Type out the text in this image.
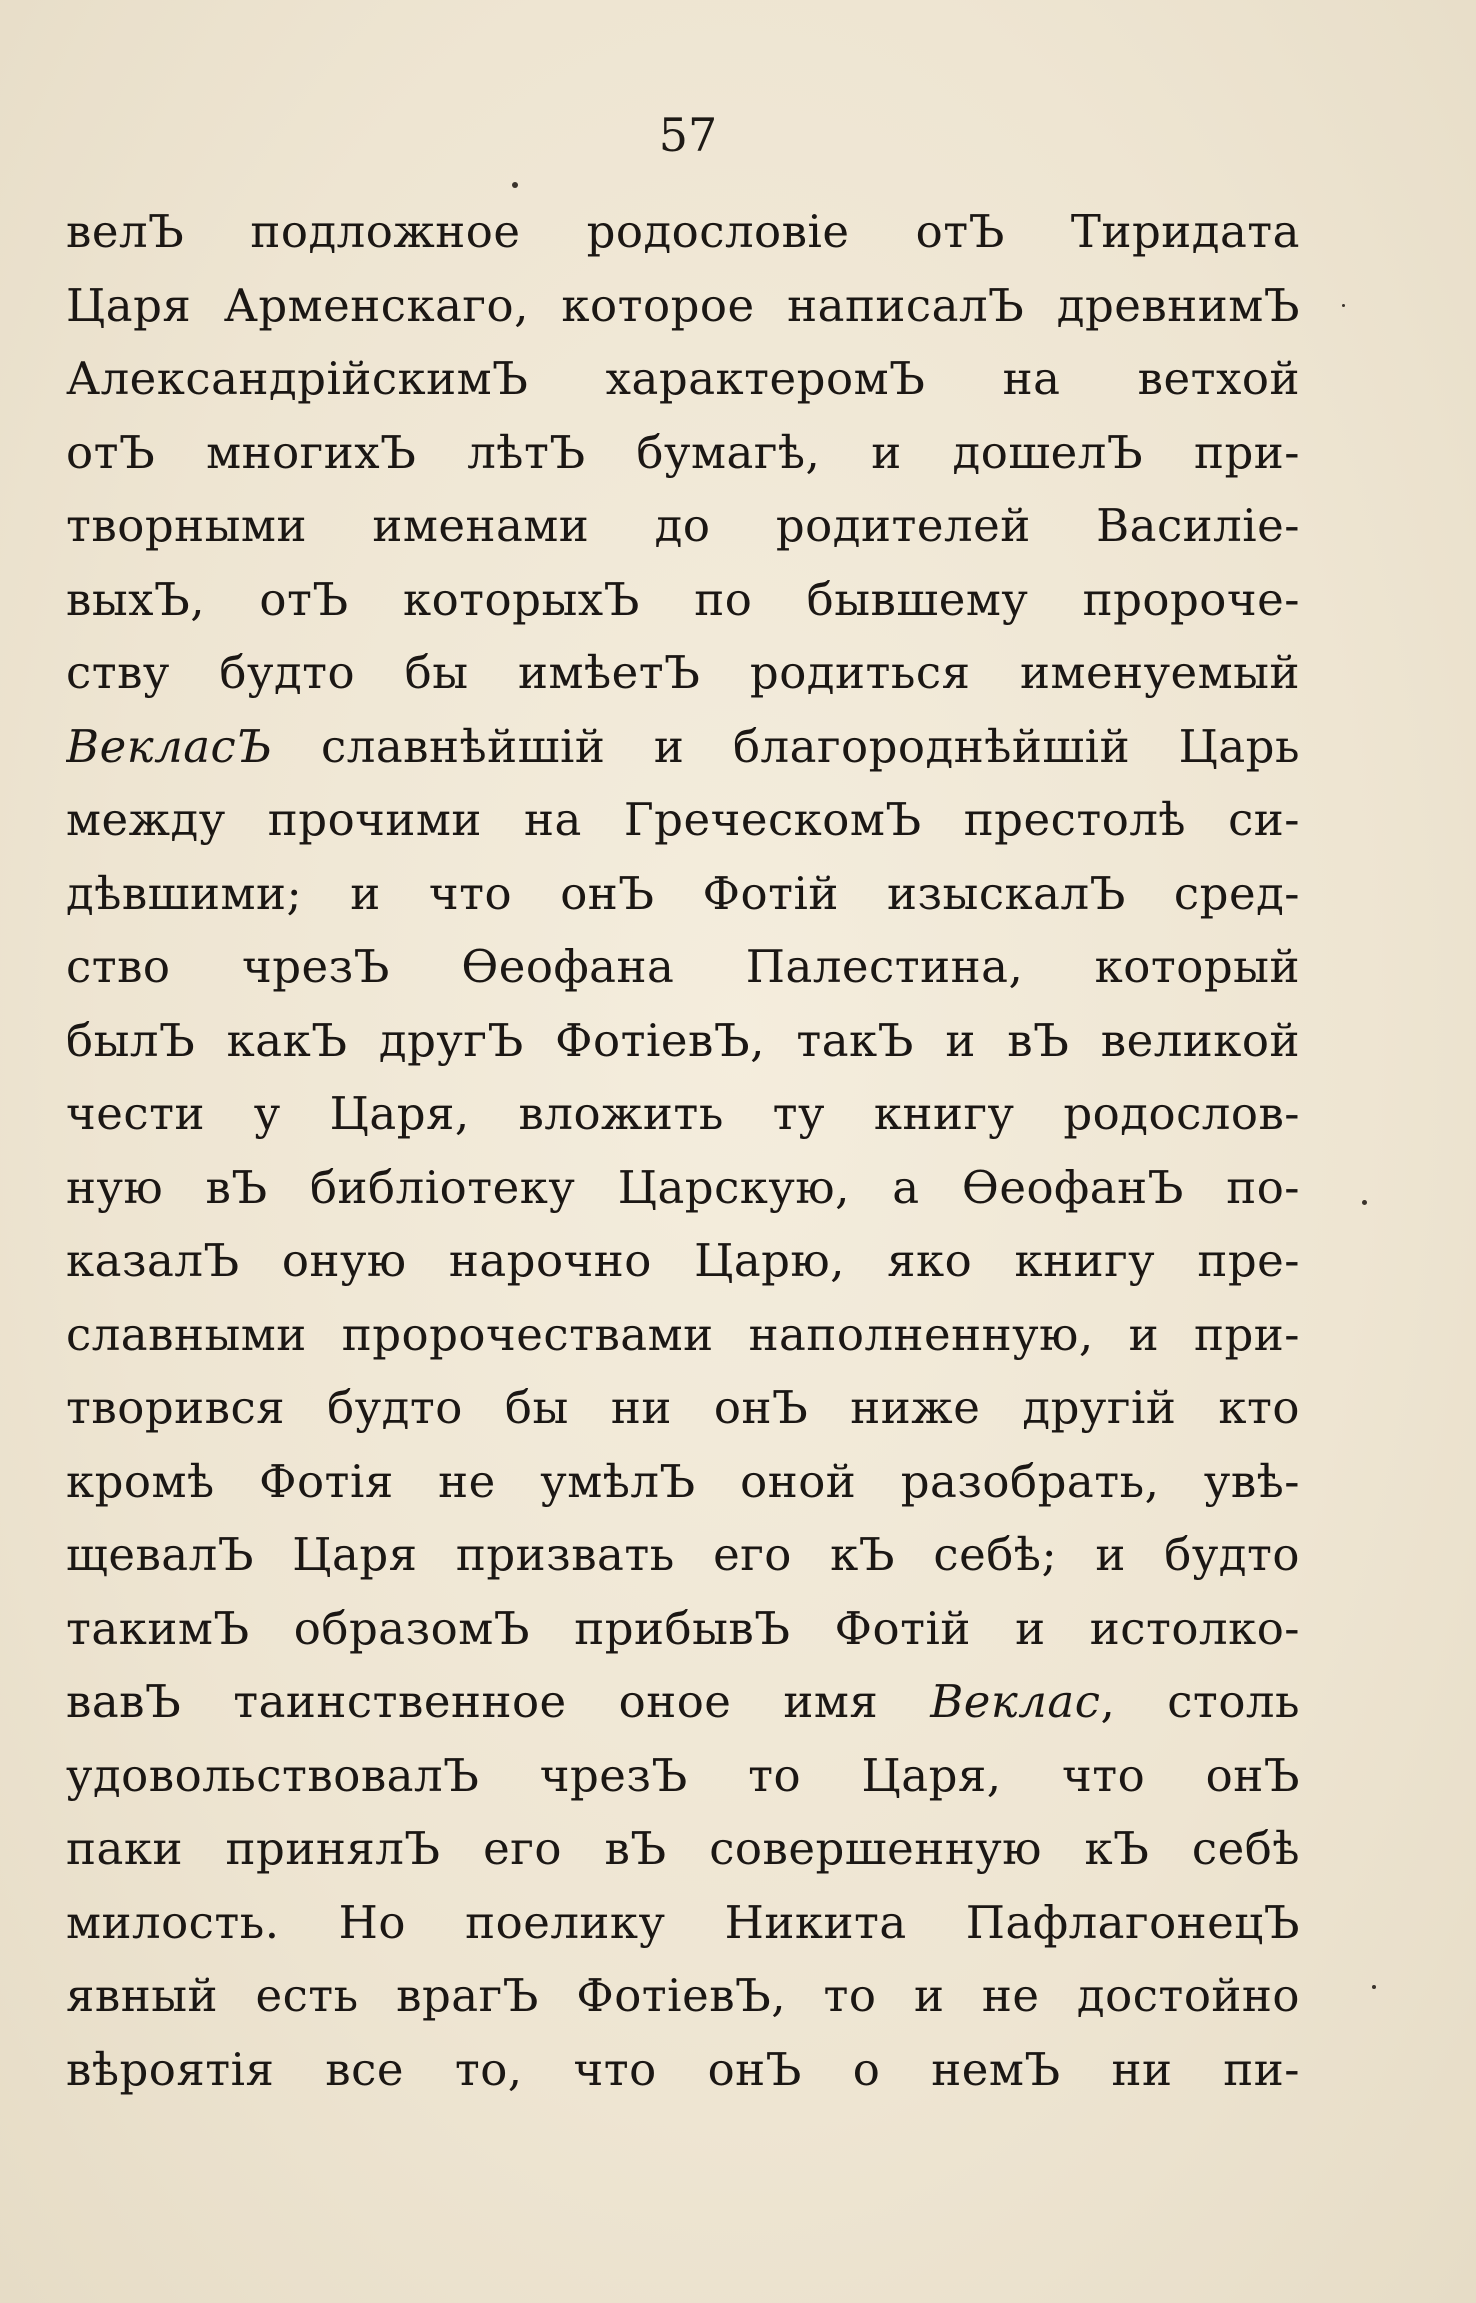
57
велЪ подложное родословіе отЪ Тиридата
Царя Арменскаго, которое написалЪ древнимЪ
АлександрійскимЪ характеромЪ на ветхой
отЪ многихЪ лѣтЪ бумагѣ, и дошелЪ при-
творными именами до родителей Василіе-
выхЪ, отЪ которыхЪ по бывшему пророче-
ству будто бы имѣетЪ родиться именуемый
ВекласЪ славнѣйшій и благороднѣйшій Царь
между прочими на ГреческомЪ престолѣ си-
дѣвшими; и что онЪ Фотій изыскалЪ сред-
ство чрезЪ Ѳеофана Палестина, который
былЪ какЪ другЪ ФотіевЪ, такЪ и вЪ великой
чести у Царя, вложить ту книгу родослов-
ную вЪ библіотеку Царскую, а ѲеофанЪ по-
казалЪ оную нарочно Царю, яко книгу пре-
славными пророчествами наполненную, и при-
творився будто бы ни онЪ ниже другій кто
кромѣ Фотія не умѣлЪ оной разобрать, увѣ-
щевалЪ Царя призвать его кЪ себѣ; и будто
такимЪ образомЪ прибывЪ Фотій и истолко-
вавЪ таинственное оное имя Веклас, столь
удовольствовалЪ чрезЪ то Царя, что онЪ
паки принялЪ его вЪ совершенную кЪ себѣ
милость. Но поелику Никита ПафлагонецЪ
явный есть врагЪ ФотіевЪ, то и не достойно
вѣроятія все то, что онЪ о немЪ ни пи-
